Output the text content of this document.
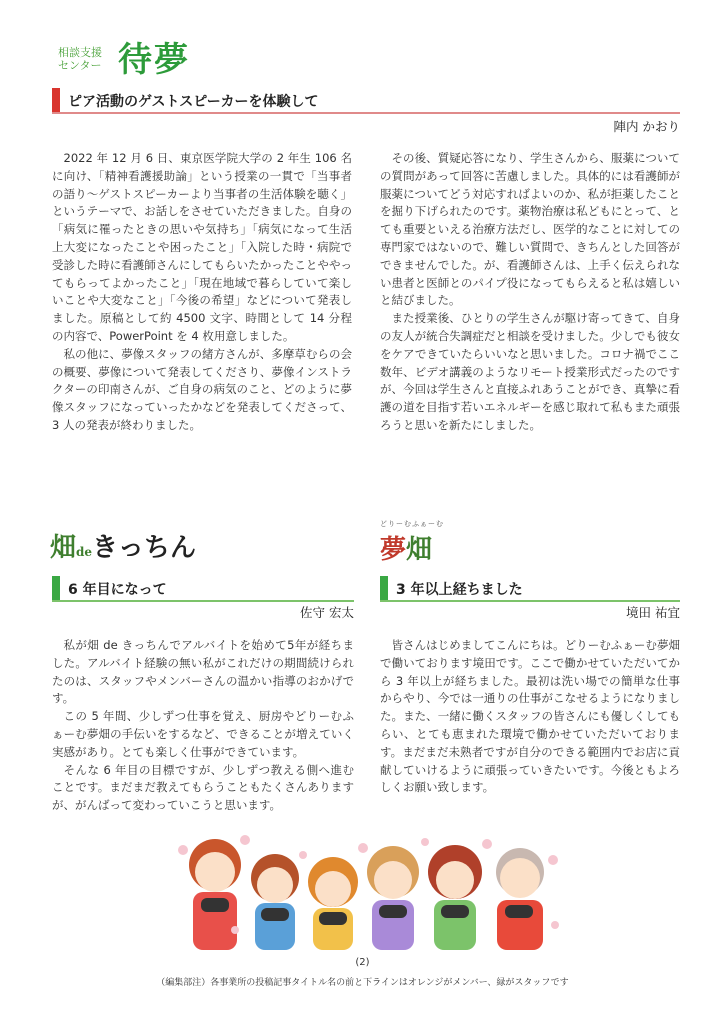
相談支援
センター 待夢
ピア活動のゲストスピーカーを体験して
陣内 かおり

2022 年 12 月 6 日、東京医学院大学の 2 年生 106 名に向け、「精神看護援助論」という授業の一貫で「当事者の語り〜ゲストスピーカーより当事者の生活体験を聴く」というテーマで、お話しをさせていただきました。自身の「病気に罹ったときの思いや気持ち」「病気になって生活上大変になったことや困ったこと」「入院した時・病院で受診した時に看護師さんにしてもらいたかったことややってもらってよかったこと」「現在地域で暮らしていて楽しいことや大変なこと」「今後の希望」などについて発表しました。原稿として約 4500 文字、時間として 14 分程の内容で、PowerPoint を 4 枚用意しました。

私の他に、夢像スタッフの緒方さんが、多摩草むらの会の概要、夢像について発表してくださり、夢像インストラクターの印南さんが、ご自身の病気のこと、どのように夢像スタッフになっていったかなどを発表してくださって、3 人の発表が終わりました。

その後、質疑応答になり、学生さんから、服薬についての質問があって回答に苦慮しました。具体的には看護師が服薬についてどう対応すればよいのか、私が拒薬したことを掘り下げられたのです。薬物治療は私どもにとって、とても重要といえる治療方法だし、医学的なことに対しての専門家ではないので、難しい質問で、きちんとした回答ができませんでした。が、看護師さんは、上手く伝えられない患者と医師とのパイプ役になってもらえると私は嬉しいと結びました。

また授業後、ひとりの学生さんが駆け寄ってきて、自身の友人が統合失調症だと相談を受けました。少しでも彼女をケアできていたらいいなと思いました。コロナ禍でここ数年、ビデオ講義のようなリモート授業形式だったのですが、今回は学生さんと直接ふれあうことができ、真摯に看護の道を目指す若いエネルギーを感じ取れて私もまた頑張ろうと思いを新たにしました。

畑deきっちん
6 年目になって
佐守 宏太

私が畑 de きっちんでアルバイトを始めて5年が経ちました。アルバイト経験の無い私がこれだけの期間続けられたのは、スタッフやメンバーさんの温かい指導のおかげです。

この 5 年間、少しずつ仕事を覚え、厨房やどりーむふぁーむ夢畑の手伝いをするなど、できることが増えていく実感があり。とても楽しく仕事ができています。

そんな 6 年目の目標ですが、少しずつ教える側へ進むことです。まだまだ教えてもらうこともたくさんありますが、がんばって変わっていこうと思います。

どりーむふぁーむ
夢畑
3 年以上経ちました
境田 祐宜

皆さんはじめましてこんにちは。どりーむふぁーむ夢畑で働いております境田です。ここで働かせていただいてから 3 年以上が経ちました。最初は洗い場での簡単な仕事からやり、今では一通りの仕事がこなせるようになりました。また、一緒に働くスタッフの皆さんにも優しくしてもらい、とても恵まれた環境で働かせていただいております。まだまだ未熟者ですが自分のできる範囲内でお店に貢献していけるように頑張っていきたいです。今後ともよろしくお願い致します。

(2)
（編集部注）各事業所の投稿記事タイトル名の前と下ラインはオレンジがメンバー、緑がスタッフです
